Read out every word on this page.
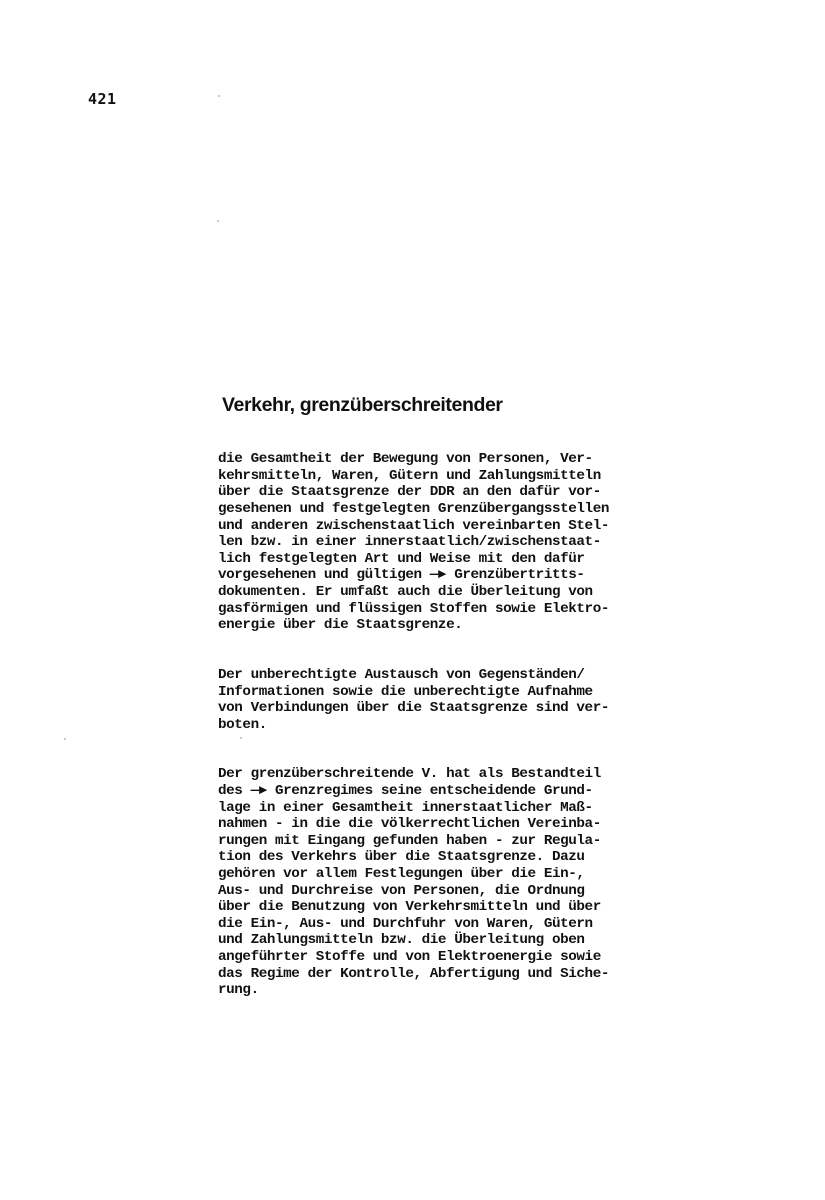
421
Verkehr, grenzüberschreitender

die Gesamtheit der Bewegung von Personen, Ver-
kehrsmitteln, Waren, Gütern und Zahlungsmitteln
über die Staatsgrenze der DDR an den dafür vor-
gesehenen und festgelegten Grenzübergangsstellen
und anderen zwischenstaatlich vereinbarten Stel-
len bzw. in einer innerstaatlich/zwischenstaat-
lich festgelegten Art und Weise mit den dafür
vorgesehenen und gültigen —► Grenzübertritts-
dokumenten. Er umfaßt auch die Überleitung von
gasförmigen und flüssigen Stoffen sowie Elektro-
energie über die Staatsgrenze.

Der unberechtigte Austausch von Gegenständen/
Informationen sowie die unberechtigte Aufnahme
von Verbindungen über die Staatsgrenze sind ver-
boten.

Der grenzüberschreitende V. hat als Bestandteil
des —► Grenzregimes seine entscheidende Grund-
lage in einer Gesamtheit innerstaatlicher Maß-
nahmen - in die die völkerrechtlichen Vereinba-
rungen mit Eingang gefunden haben - zur Regula-
tion des Verkehrs über die Staatsgrenze. Dazu
gehören vor allem Festlegungen über die Ein-,
Aus- und Durchreise von Personen, die Ordnung
über die Benutzung von Verkehrsmitteln und über
die Ein-, Aus- und Durchfuhr von Waren, Gütern
und Zahlungsmitteln bzw. die Überleitung oben
angeführter Stoffe und von Elektroenergie sowie
das Regime der Kontrolle, Abfertigung und Siche-
rung.
